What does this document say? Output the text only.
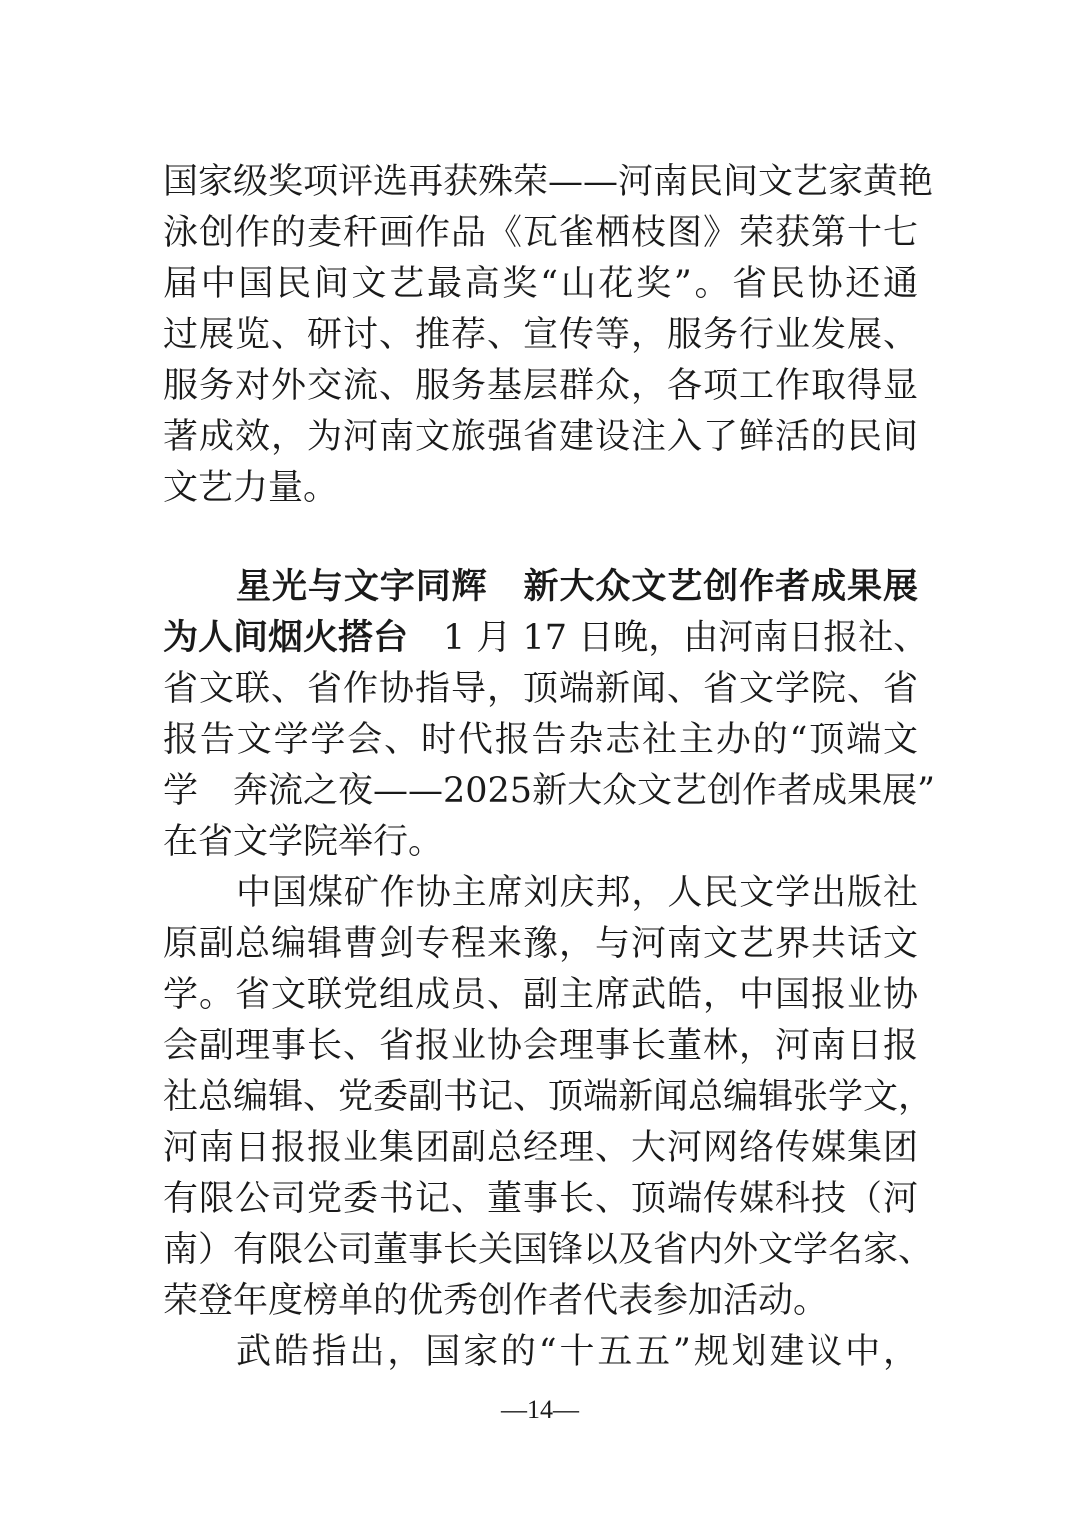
国家级奖项评选再获殊荣——河南民间文艺家黄艳
泳创作的麦秆画作品《瓦雀栖枝图》荣获第十七
届中国民间文艺最高奖“山花奖”。省民协还通
过展览、研讨、推荐、宣传等，服务行业发展、
服务对外交流、服务基层群众，各项工作取得显
著成效，为河南文旅强省建设注入了鲜活的民间
文艺力量。
星光与文字同辉　新大众文艺创作者成果展
为人间烟火搭台　1 月 17 日晚，由河南日报社、
省文联、省作协指导，顶端新闻、省文学院、省
报告文学学会、时代报告杂志社主办的“顶端文
学　奔流之夜——2025新大众文艺创作者成果展”
在省文学院举行。
中国煤矿作协主席刘庆邦，人民文学出版社
原副总编辑曹剑专程来豫，与河南文艺界共话文
学。省文联党组成员、副主席武皓，中国报业协
会副理事长、省报业协会理事长董林，河南日报
社总编辑、党委副书记、顶端新闻总编辑张学文，
河南日报报业集团副总经理、大河网络传媒集团
有限公司党委书记、董事长、顶端传媒科技（河
南）有限公司董事长关国锋以及省内外文学名家、
荣登年度榜单的优秀创作者代表参加活动。
武皓指出，国家的“十五五”规划建议中，
—14—
